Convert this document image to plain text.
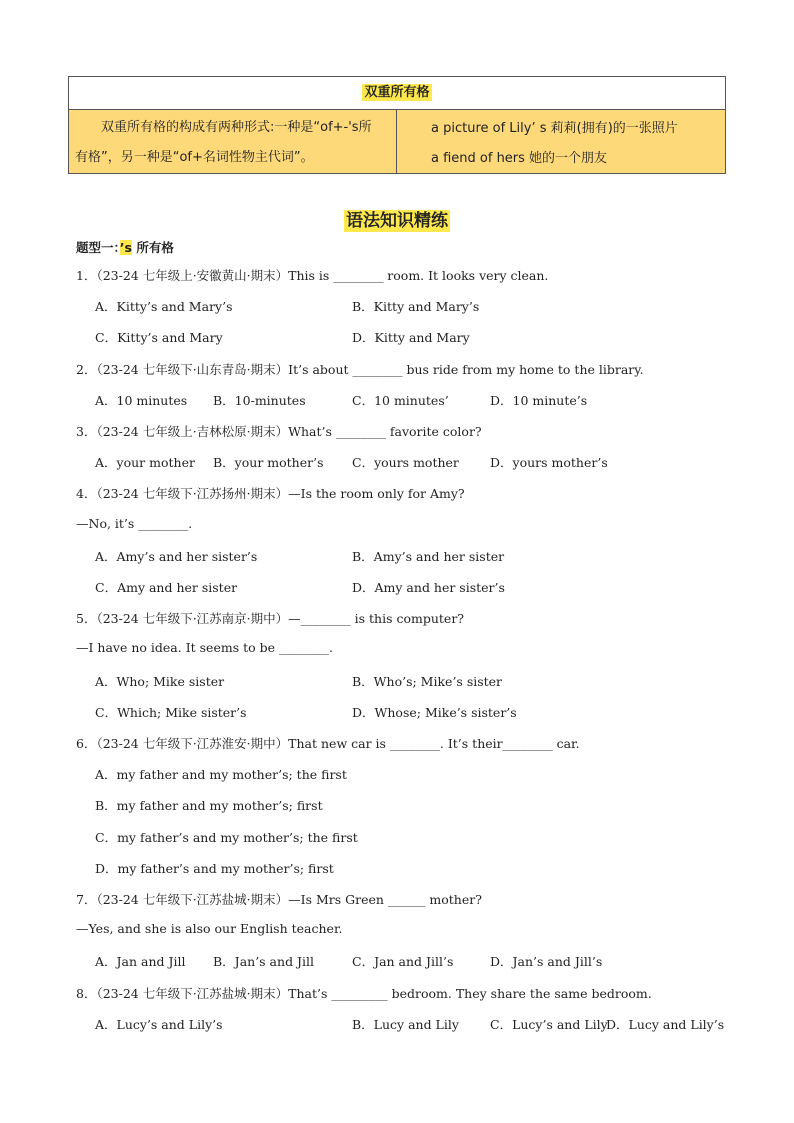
双重所有格
双重所有格的构成有两种形式:一种是“of+-'s所
有格”，另一种是“of+名词性物主代词”。
a picture of Lily’ s 莉莉(拥有)的一张照片
a fiend of hers 她的一个朋友
语法知识精练
题型一：’s 所有格
1．（23-24 七年级上·安徽黄山·期末）This is ________ room. It looks very clean.
A．Kitty’s and Mary’s	B．Kitty and Mary’s
C．Kitty’s and Mary	D．Kitty and Mary
2．（23-24 七年级下·山东青岛·期末）It’s about ________ bus ride from my home to the library.
A．10 minutes B．10-minutes	C．10 minutes’	D．10 minute’s
3．（23-24 七年级上·吉林松原·期末）What’s ________ favorite color?
A．your mother B．your mother’s C．yours mother D．yours mother’s
4．（23-24 七年级下·江苏扬州·期末）—Is the room only for Amy?
—No, it’s ________.
A．Amy’s and her sister’s	B．Amy’s and her sister
C．Amy and her sister	D．Amy and her sister’s
5．（23-24 七年级下·江苏南京·期中）—________ is this computer?
—I have no idea. It seems to be ________.
A．Who; Mike sister	B．Who’s; Mike’s sister
C．Which; Mike sister’s	D．Whose; Mike’s sister’s
6．（23-24 七年级下·江苏淮安·期中）That new car is ________. It’s their________ car.
A．my father and my mother’s; the first
B．my father and my mother’s; first
C．my father’s and my mother’s; the first
D．my father’s and my mother’s; first
7．（23-24 七年级下·江苏盐城·期末）—Is Mrs Green ______ mother?
—Yes, and she is also our English teacher.
A．Jan and Jill B．Jan’s and Jill	C．Jan and Jill’s	D．Jan’s and Jill’s
8．（23-24 七年级下·江苏盐城·期末）That’s _________ bedroom. They share the same bedroom.
A．Lucy’s and Lily’s	B．Lucy and Lily C．Lucy’s and Lily
D．Lucy and Lily’s
